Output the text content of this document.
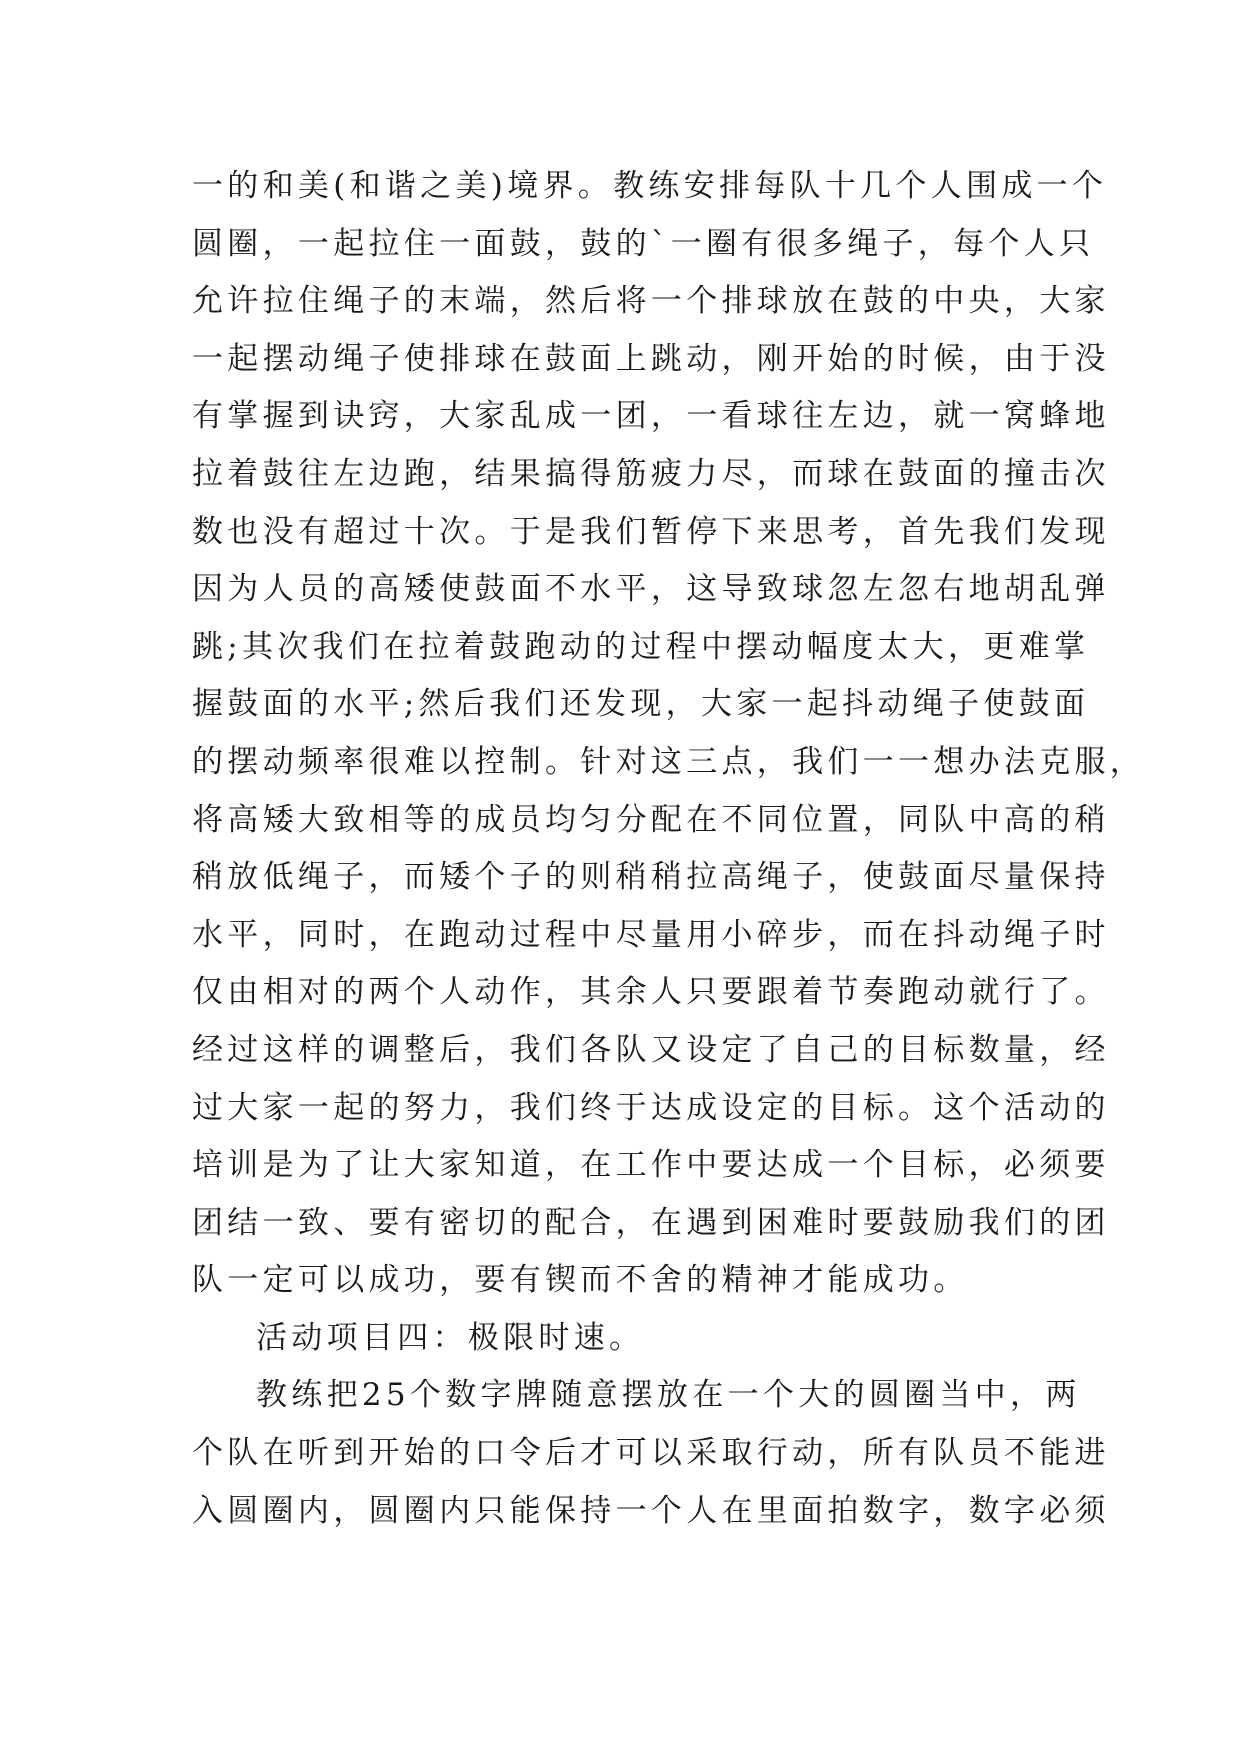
一的和美(和谐之美)境界。教练安排每队十几个人围成一个
圆圈，一起拉住一面鼓，鼓的`一圈有很多绳子，每个人只
允许拉住绳子的末端，然后将一个排球放在鼓的中央，大家
一起摆动绳子使排球在鼓面上跳动，刚开始的时候，由于没
有掌握到诀窍，大家乱成一团，一看球往左边，就一窝蜂地
拉着鼓往左边跑，结果搞得筋疲力尽，而球在鼓面的撞击次
数也没有超过十次。于是我们暂停下来思考，首先我们发现
因为人员的高矮使鼓面不水平，这导致球忽左忽右地胡乱弹
跳;其次我们在拉着鼓跑动的过程中摆动幅度太大，更难掌
握鼓面的水平;然后我们还发现，大家一起抖动绳子使鼓面
的摆动频率很难以控制。针对这三点，我们一一想办法克服，
将高矮大致相等的成员均匀分配在不同位置，同队中高的稍
稍放低绳子，而矮个子的则稍稍拉高绳子，使鼓面尽量保持
水平，同时，在跑动过程中尽量用小碎步，而在抖动绳子时
仅由相对的两个人动作，其余人只要跟着节奏跑动就行了。
经过这样的调整后，我们各队又设定了自己的目标数量，经
过大家一起的努力，我们终于达成设定的目标。这个活动的
培训是为了让大家知道，在工作中要达成一个目标，必须要
团结一致、要有密切的配合，在遇到困难时要鼓励我们的团
队一定可以成功，要有锲而不舍的精神才能成功。
活动项目四：极限时速。
教练把25个数字牌随意摆放在一个大的圆圈当中，两
个队在听到开始的口令后才可以采取行动，所有队员不能进
入圆圈内，圆圈内只能保持一个人在里面拍数字，数字必须
